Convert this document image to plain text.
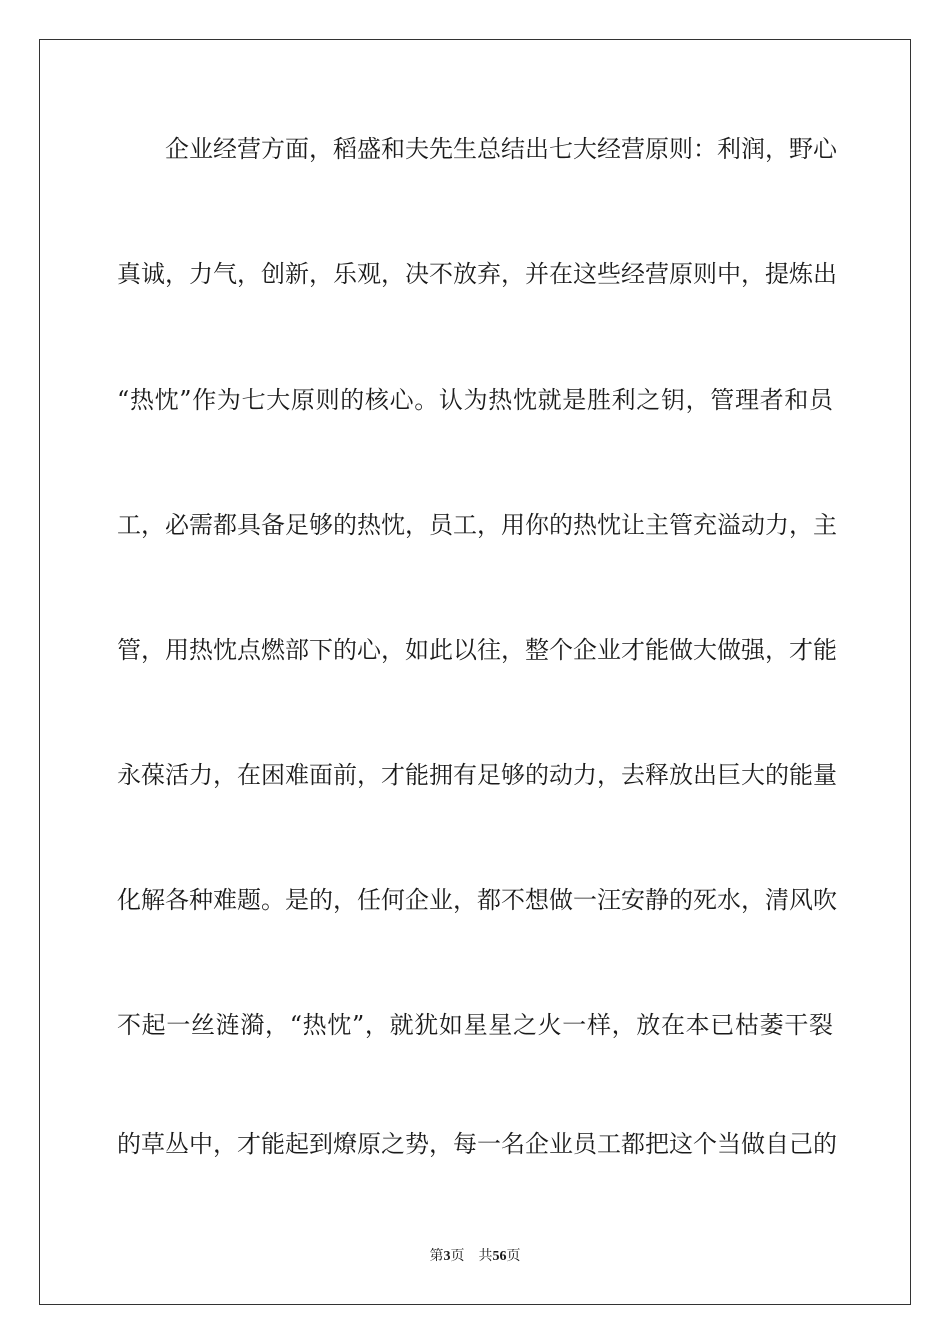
企业经营方面，稻盛和夫先生总结出七大经营原则：利润，野心
真诚，力气，创新，乐观，决不放弃，并在这些经营原则中，提炼出
“热忱”作为七大原则的核心。认为热忱就是胜利之钥，管理者和员
工，必需都具备足够的热忱，员工，用你的热忱让主管充溢动力，主
管，用热忱点燃部下的心，如此以往，整个企业才能做大做强，才能
永葆活力，在困难面前，才能拥有足够的动力，去释放出巨大的能量
化解各种难题。是的，任何企业，都不想做一汪安静的死水，清风吹
不起一丝涟漪，“热忱”，就犹如星星之火一样，放在本已枯萎干裂
的草丛中，才能起到燎原之势，每一名企业员工都把这个当做自己的
第3页 共56页
